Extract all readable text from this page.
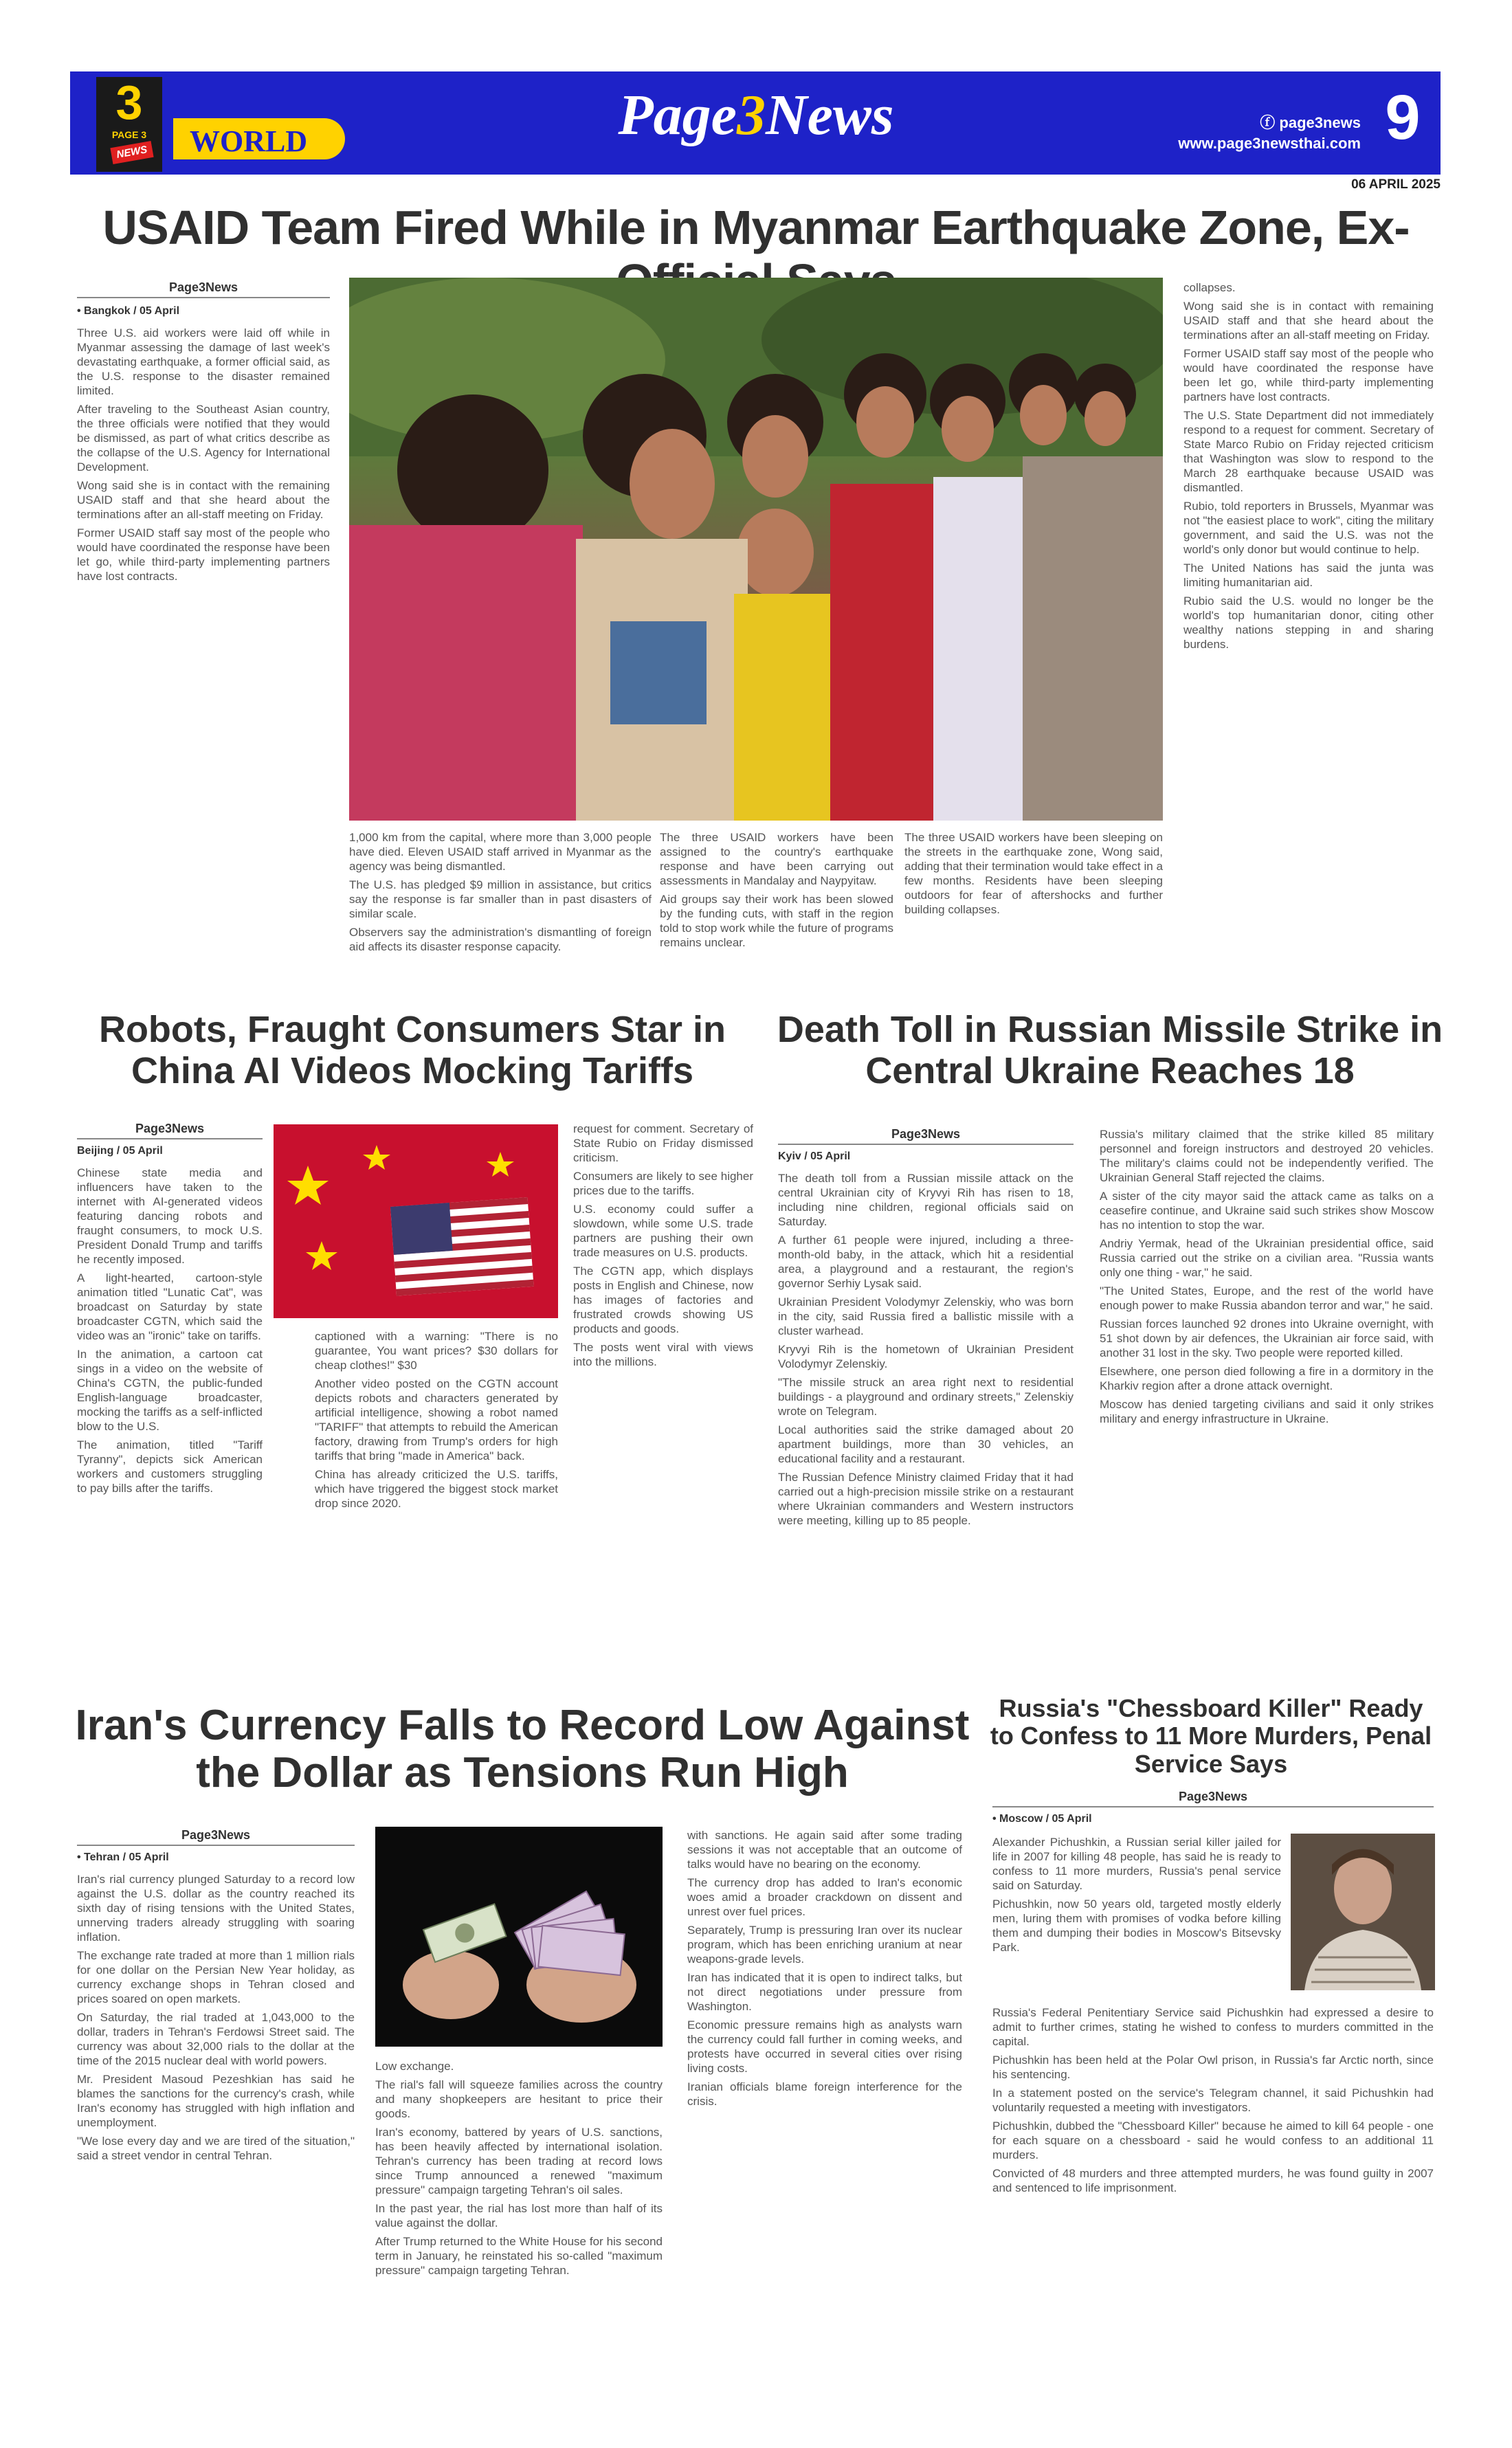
3
PAGE 3
NEWS WORLD	Page3News	ⓕ page3news
www.page3newsthai.com 9
06 APRIL 2025
USAID Team Fired While in Myanmar Earthquake Zone, Ex-
Page3News
• Bangkok / 05 April

Three U.S. aid workers were laid off while in Myanmar assessing the damage of last week's devastating earthquake, a former official said, as the U.S. response to the disaster remained limited.

After traveling to the Southeast Asian country, the three officials were notified that they would be dismissed, as part of what critics describe as the collapse of the U.S. Agency for International Development.

Wong said she is in contact with the remaining USAID staff and that she heard about the terminations after an all-staff meeting on Friday.

Former USAID staff say most of the people who would have coordinated the response have been let go, while third-party implementing partners have lost contracts.

1,000 km from the capital, where more than 3,000 people have died. Eleven USAID staff arrived in Myanmar as the agency was being dismantled.

The U.S. has pledged $9 million in assistance, but critics say the response is far smaller than in past disasters of similar scale.

Observers say the administration's dismantling of foreign aid affects its disaster response capacity.

The three USAID workers have been assigned to the country's earthquake response and have been carrying out assessments in Mandalay and Naypyitaw.

Aid groups say their work has been slowed by the funding cuts, with staff in the region told to stop work while the future of programs remains unclear.

The three USAID workers have been sleeping on the streets in the earthquake zone, Wong said, adding that their termination would take effect in a few months. Residents have been sleeping outdoors for fear of aftershocks and further building collapses.

collapses.

Wong said she is in contact with remaining USAID staff and that she heard about the terminations after an all-staff meeting on Friday.

Former USAID staff say most of the people who would have coordinated the response have been let go, while third-party implementing partners have lost contracts.

The U.S. State Department did not immediately respond to a request for comment. Secretary of State Marco Rubio on Friday rejected criticism that Washington was slow to respond to the March 28 earthquake because USAID was dismantled.

Rubio, told reporters in Brussels, Myanmar was not "the easiest place to work", citing the military government, and said the U.S. was not the world's only donor but would continue to help.

The United Nations has said the junta was limiting humanitarian aid.

Rubio said the U.S. would no longer be the world's top humanitarian donor, citing other wealthy nations stepping in and sharing burdens.

Robots, Fraught Consumers Star in China AI Videos Mocking Tariffs
Page3News
Beijing / 05 April

Chinese state media and influencers have taken to the internet with AI-generated videos featuring dancing robots and fraught consumers, to mock U.S. President Donald Trump and tariffs he recently imposed.

A light-hearted, cartoon-style animation titled "Lunatic Cat", was broadcast on Saturday by state broadcaster CGTN, which said the video was an "ironic" take on tariffs.

In the animation, a cartoon cat sings in a video on the website of China's CGTN, the public-funded English-language broadcaster, mocking the tariffs as a self-inflicted blow to the U.S.

The animation, titled "Tariff Tyranny", depicts sick American workers and customers struggling to pay bills after the tariffs.

captioned with a warning: "There is no guarantee, You want prices? $30 dollars for cheap clothes!" $30

Another video posted on the CGTN account depicts robots and characters generated by artificial intelligence, showing a robot named "TARIFF" that attempts to rebuild the American factory, drawing from Trump's orders for high tariffs that bring "made in America" back.

China has already criticized the U.S. tariffs, which have triggered the biggest stock market drop since 2020.

request for comment. Secretary of State Rubio on Friday dismissed criticism.

Consumers are likely to see higher prices due to the tariffs.

U.S. economy could suffer a slowdown, while some U.S. trade partners are pushing their own trade measures on U.S. products.

The CGTN app, which displays posts in English and Chinese, now has images of factories and frustrated crowds showing US products and goods.

The posts went viral with views into the millions.

Death Toll in Russian Missile Strike in Central Ukraine Reaches 18
Page3News
Kyiv / 05 April

The death toll from a Russian missile attack on the central Ukrainian city of Kryvyi Rih has risen to 18, including nine children, regional officials said on Saturday.

A further 61 people were injured, including a three-month-old baby, in the attack, which hit a residential area, a playground and a restaurant, the region's governor Serhiy Lysak said.

Ukrainian President Volodymyr Zelenskiy, who was born in the city, said Russia fired a ballistic missile with a cluster warhead.

Kryvyi Rih is the hometown of Ukrainian President Volodymyr Zelenskiy.

"The missile struck an area right next to residential buildings - a playground and ordinary streets," Zelenskiy wrote on Telegram.

Local authorities said the strike damaged about 20 apartment buildings, more than 30 vehicles, an educational facility and a restaurant.

The Russian Defence Ministry claimed Friday that it had carried out a high-precision missile strike on a restaurant where Ukrainian commanders and Western instructors were meeting, killing up to 85 people.

Russia's military claimed that the strike killed 85 military personnel and foreign instructors and destroyed 20 vehicles. The military's claims could not be independently verified. The Ukrainian General Staff rejected the claims.

A sister of the city mayor said the attack came as talks on a ceasefire continue, and Ukraine said such strikes show Moscow has no intention to stop the war.

Andriy Yermak, head of the Ukrainian presidential office, said Russia carried out the strike on a civilian area. "Russia wants only one thing - war," he said.

"The United States, Europe, and the rest of the world have enough power to make Russia abandon terror and war," he said.

Russian forces launched 92 drones into Ukraine overnight, with 51 shot down by air defences, the Ukrainian air force said, with another 31 lost in the sky. Two people were reported killed.

Elsewhere, one person died following a fire in a dormitory in the Kharkiv region after a drone attack overnight.

Moscow has denied targeting civilians and said it only strikes military and energy infrastructure in Ukraine.

Iran's Currency Falls to Record Low Against the Dollar as Tensions Run High
Page3News
• Tehran / 05 April

Iran's rial currency plunged Saturday to a record low against the U.S. dollar as the country reached its sixth day of rising tensions with the United States, unnerving traders already struggling with soaring inflation.

The exchange rate traded at more than 1 million rials for one dollar on the Persian New Year holiday, as currency exchange shops in Tehran closed and prices soared on open markets.

On Saturday, the rial traded at 1,043,000 to the dollar, traders in Tehran's Ferdowsi Street said. The currency was about 32,000 rials to the dollar at the time of the 2015 nuclear deal with world powers.

Mr. President Masoud Pezeshkian has said he blames the sanctions for the currency's crash, while Iran's economy has struggled with high inflation and unemployment.

"We lose every day and we are tired of the situation," said a street vendor in central Tehran.

Low exchange.

The rial's fall will squeeze families across the country and many shopkeepers are hesitant to price their goods.

Iran's economy, battered by years of U.S. sanctions, has been heavily affected by international isolation. Tehran's currency has been trading at record lows since Trump announced a renewed "maximum pressure" campaign targeting Tehran's oil sales.

In the past year, the rial has lost more than half of its value against the dollar.

After Trump returned to the White House for his second term in January, he reinstated his so-called "maximum pressure" campaign targeting Tehran.

with sanctions. He again said after some trading sessions it was not acceptable that an outcome of talks would have no bearing on the economy.

The currency drop has added to Iran's economic woes amid a broader crackdown on dissent and unrest over fuel prices.

Separately, Trump is pressuring Iran over its nuclear program, which has been enriching uranium at near weapons-grade levels.

Iran has indicated that it is open to indirect talks, but not direct negotiations under pressure from Washington.

Economic pressure remains high as analysts warn the currency could fall further in coming weeks, and protests have occurred in several cities over rising living costs.

Iranian officials blame foreign interference for the crisis.

Russia's "Chessboard Killer" Ready to Confess to 11 More Murders, Penal Service Says
Page3News
• Moscow / 05 April

Alexander Pichushkin, a Russian serial killer jailed for life in 2007 for killing 48 people, has said he is ready to confess to 11 more murders, Russia's penal service said on Saturday.

Pichushkin, now 50 years old, targeted mostly elderly men, luring them with promises of vodka before killing them and dumping their bodies in Moscow's Bitsevsky Park.

Russia's Federal Penitentiary Service said Pichushkin had expressed a desire to admit to further crimes, stating he wished to confess to murders committed in the capital.

Pichushkin has been held at the Polar Owl prison, in Russia's far Arctic north, since his sentencing.

In a statement posted on the service's Telegram channel, it said Pichushkin had voluntarily requested a meeting with investigators.

Pichushkin, dubbed the "Chessboard Killer" because he aimed to kill 64 people - one for each square on a chessboard - said he would confess to an additional 11 murders.

Convicted of 48 murders and three attempted murders, he was found guilty in 2007 and sentenced to life imprisonment.
